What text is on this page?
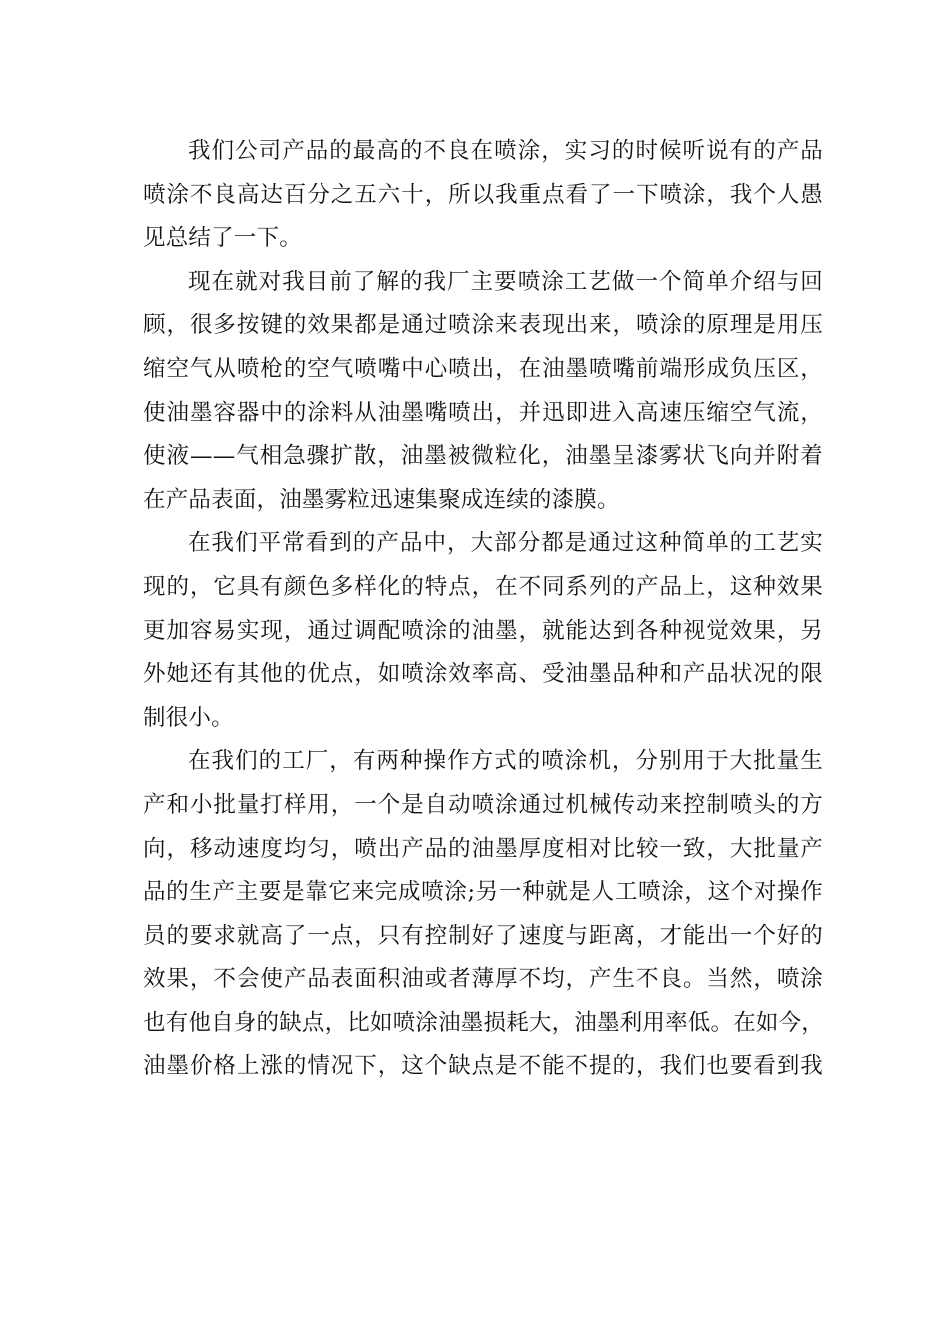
我们公司产品的最高的不良在喷涂，实习的时候听说有的产品
喷涂不良高达百分之五六十，所以我重点看了一下喷涂，我个人愚
见总结了一下。

现在就对我目前了解的我厂主要喷涂工艺做一个简单介绍与回
顾，很多按键的效果都是通过喷涂来表现出来，喷涂的原理是用压
缩空气从喷枪的空气喷嘴中心喷出，在油墨喷嘴前端形成负压区，
使油墨容器中的涂料从油墨嘴喷出，并迅即进入高速压缩空气流，
使液——气相急骤扩散，油墨被微粒化，油墨呈漆雾状飞向并附着
在产品表面，油墨雾粒迅速集聚成连续的漆膜。

在我们平常看到的产品中，大部分都是通过这种简单的工艺实
现的，它具有颜色多样化的特点，在不同系列的产品上，这种效果
更加容易实现，通过调配喷涂的油墨，就能达到各种视觉效果，另
外她还有其他的优点，如喷涂效率高、受油墨品种和产品状况的限
制很小。

在我们的工厂，有两种操作方式的喷涂机，分别用于大批量生
产和小批量打样用，一个是自动喷涂通过机械传动来控制喷头的方
向，移动速度均匀，喷出产品的油墨厚度相对比较一致，大批量产
品的生产主要是靠它来完成喷涂;另一种就是人工喷涂，这个对操作
员的要求就高了一点，只有控制好了速度与距离，才能出一个好的
效果，不会使产品表面积油或者薄厚不均，产生不良。当然，喷涂
也有他自身的缺点，比如喷涂油墨损耗大，油墨利用率低。在如今，
油墨价格上涨的情况下，这个缺点是不能不提的，我们也要看到我
